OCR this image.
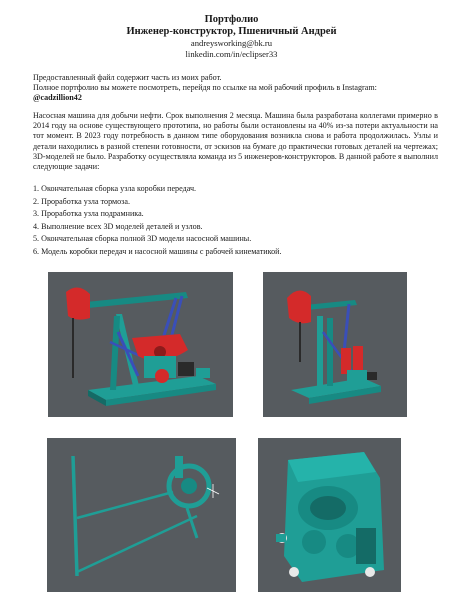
Портфолио
Инженер-конструктор, Пшеничный Андрей
andreysworking@bk.ru
linkedin.com/in/eclipser33
Предоставленный файл содержит часть из моих работ.
Полное портфолио вы можете посмотреть, перейдя по ссылке на мой рабочий профиль в Instagram:
@cadzillion42
Насосная машина для добычи нефти. Срок выполнения 2 месяца. Машина была разработана коллегами примерно в 2014 году на основе существующего прототипа, но работы были остановлены на 40% из-за потери актуальности на тот момент. В 2023 году потребность в данном типе оборудования возникла снова и работа продолжилась. Узлы и детали находились в разной степени готовности, от эскизов на бумаге до практически готовых деталей на чертежах; 3D-моделей не было. Разработку осуществляла команда из 5 инженеров-конструкторов. В данной работе я выполнил следующие задачи:
1. Окончательная сборка узла коробки передач.
2. Проработка узла тормоза.
3. Проработка узла подрамника.
4. Выполнение всех 3D моделей деталей и узлов.
5. Окончательная сборка полной 3D модели насосной машины.
6. Модель коробки передач и насосной машины с рабочей кинематикой.
